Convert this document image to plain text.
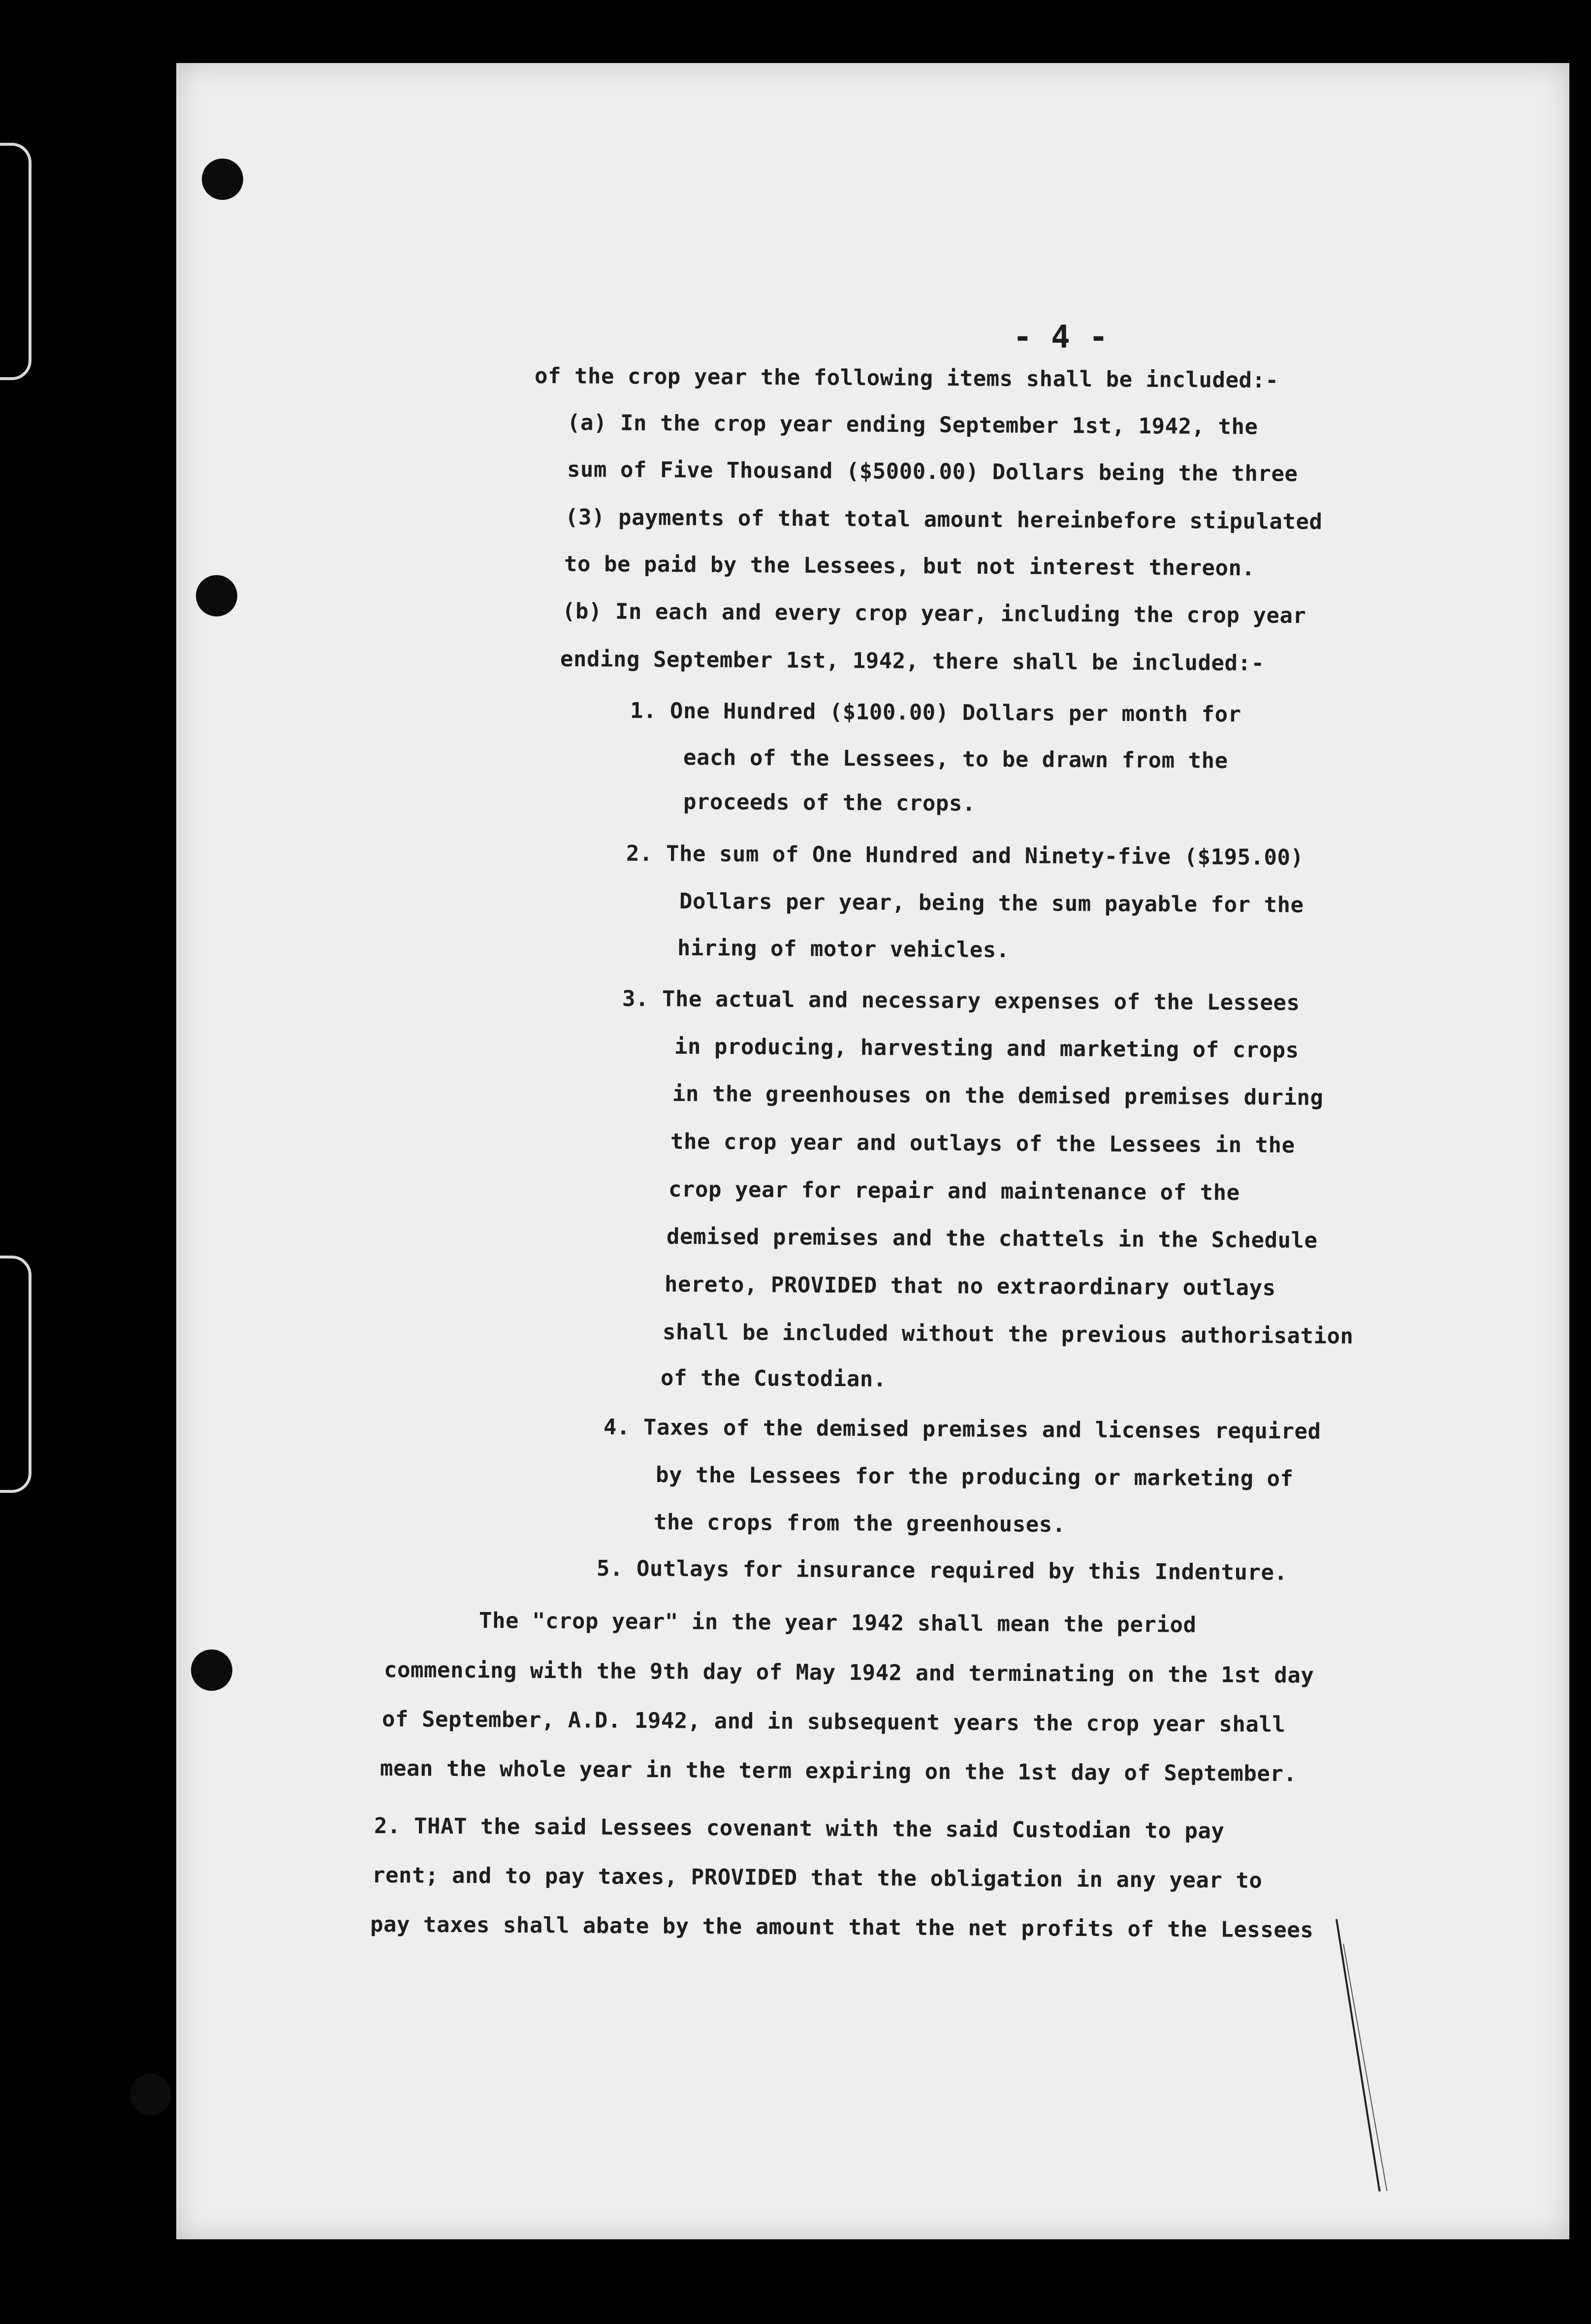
- 4 -
of the crop year the following items shall be included:-
(a) In the crop year ending September 1st, 1942, the
sum of Five Thousand ($5000.00) Dollars being the three
(3) payments of that total amount hereinbefore stipulated
to be paid by the Lessees, but not interest thereon.
(b) In each and every crop year, including the crop year
ending September 1st, 1942, there shall be included:-
1. One Hundred ($100.00) Dollars per month for
each of the Lessees, to be drawn from the
proceeds of the crops.
2. The sum of One Hundred and Ninety-five ($195.00)
Dollars per year, being the sum payable for the
hiring of motor vehicles.
3. The actual and necessary expenses of the Lessees
in producing, harvesting and marketing of crops
in the greenhouses on the demised premises during
the crop year and outlays of the Lessees in the
crop year for repair and maintenance of the
demised premises and the chattels in the Schedule
hereto, PROVIDED that no extraordinary outlays
shall be included without the previous authorisation
of the Custodian.
4. Taxes of the demised premises and licenses required
by the Lessees for the producing or marketing of
the crops from the greenhouses.
5. Outlays for insurance required by this Indenture.
The "crop year" in the year 1942 shall mean the period
commencing with the 9th day of May 1942 and terminating on the 1st day
of September, A.D. 1942, and in subsequent years the crop year shall
mean the whole year in the term expiring on the 1st day of September.
2. THAT the said Lessees covenant with the said Custodian to pay
rent; and to pay taxes, PROVIDED that the obligation in any year to
pay taxes shall abate by the amount that the net profits of the Lessees
